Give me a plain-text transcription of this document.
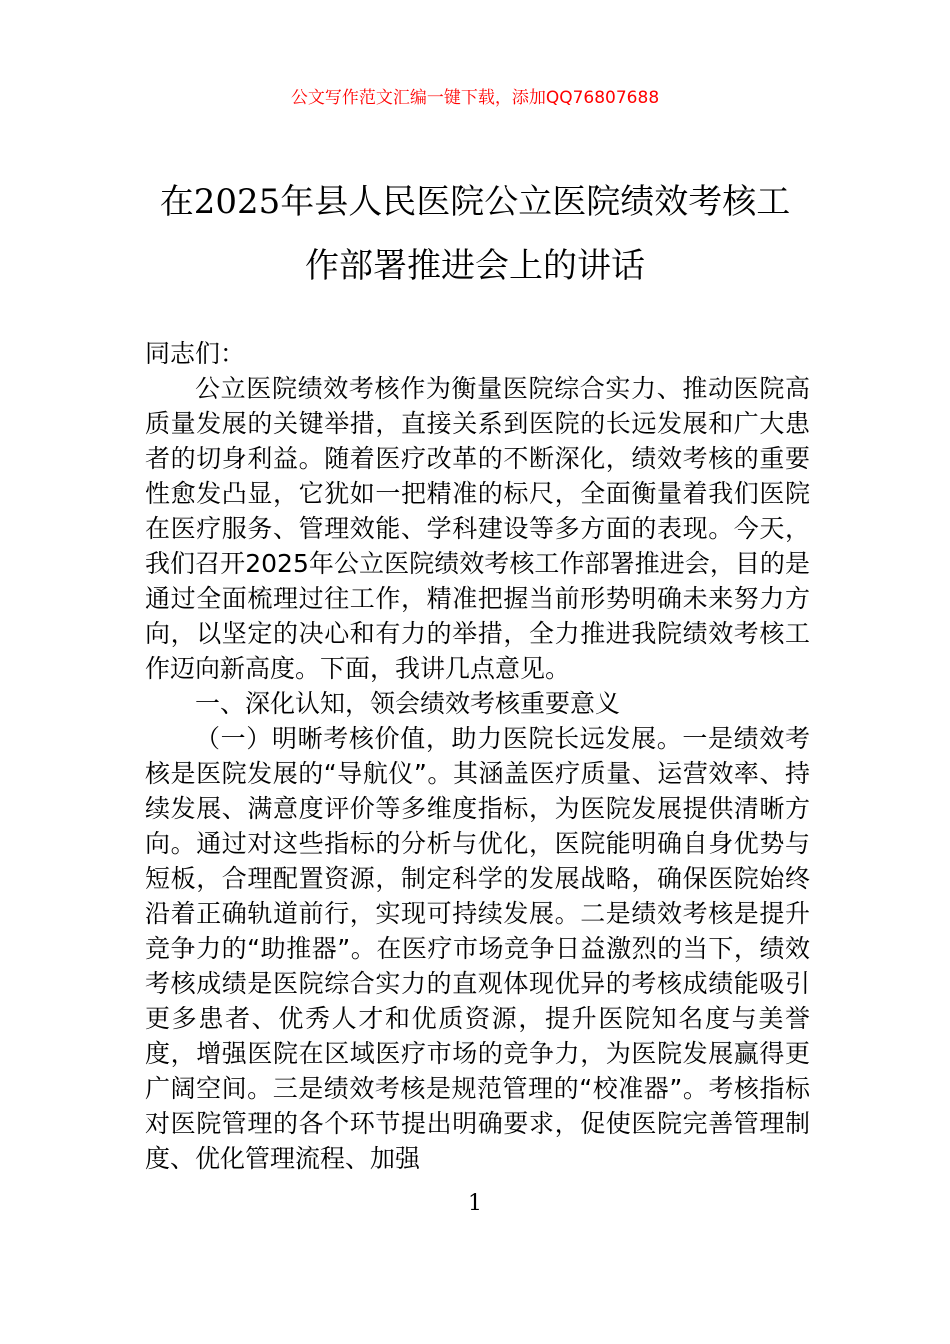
公文写作范文汇编一键下载，添加QQ76807688
在2025年县人民医院公立医院绩效考核工
作部署推进会上的讲话

同志们：

公立医院绩效考核作为衡量医院综合实力、推动医院高质量发展的关键举措，直接关系到医院的长远发展和广大患者的切身利益。随着医疗改革的不断深化，绩效考核的重要性愈发凸显，它犹如一把精准的标尺，全面衡量着我们医院在医疗服务、管理效能、学科建设等多方面的表现。今天，我们召开2025年公立医院绩效考核工作部署推进会，目的是通过全面梳理过往工作，精准把握当前形势明确未来努力方向，以坚定的决心和有力的举措，全力推进我院绩效考核工作迈向新高度。下面，我讲几点意见。

一、深化认知，领会绩效考核重要意义

（一）明晰考核价值，助力医院长远发展。一是绩效考核是医院发展的“导航仪”。其涵盖医疗质量、运营效率、持续发展、满意度评价等多维度指标，为医院发展提供清晰方向。通过对这些指标的分析与优化，医院能明确自身优势与短板，合理配置资源，制定科学的发展战略，确保医院始终沿着正确轨道前行，实现可持续发展。二是绩效考核是提升竞争力的“助推器”。在医疗市场竞争日益激烈的当下，绩效考核成绩是医院综合实力的直观体现优异的考核成绩能吸引更多患者、优秀人才和优质资源，提升医院知名度与美誉度，增强医院在区域医疗市场的竞争力，为医院发展赢得更广阔空间。三是绩效考核是规范管理的“校准器”。考核指标对医院管理的各个环节提出明确要求，促使医院完善管理制度、优化管理流程、加强

1
